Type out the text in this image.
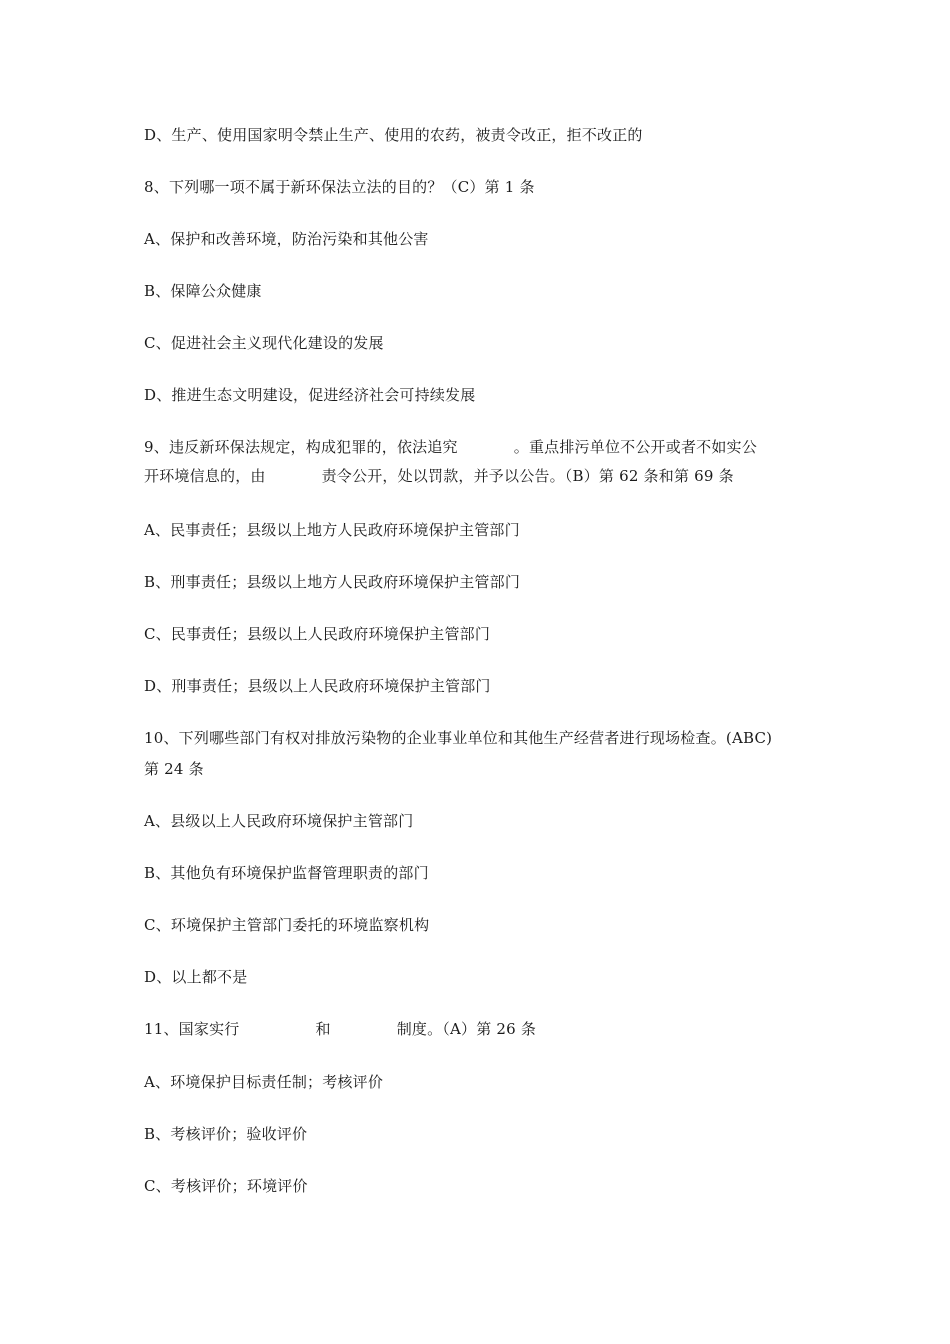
D、生产、使用国家明令禁止生产、使用的农药，被责令改正，拒不改正的
8、下列哪一项不属于新环保法立法的目的？（C）第 1 条
A、保护和改善环境，防治污染和其他公害
B、保障公众健康
C、促进社会主义现代化建设的发展
D、推进生态文明建设，促进经济社会可持续发展
9、违反新环保法规定，构成犯罪的，依法追究	。重点排污单位不公开或者不如实公
开环境信息的，由	责令公开，处以罚款，并予以公告。（B）第 62 条和第 69 条
A、民事责任；县级以上地方人民政府环境保护主管部门
B、刑事责任；县级以上地方人民政府环境保护主管部门
C、民事责任；县级以上人民政府环境保护主管部门
D、刑事责任；县级以上人民政府环境保护主管部门
10、下列哪些部门有权对排放污染物的企业事业单位和其他生产经营者进行现场检查。(ABC)
第 24 条
A、县级以上人民政府环境保护主管部门
B、其他负有环境保护监督管理职责的部门
C、环境保护主管部门委托的环境监察机构
D、以上都不是
11、国家实行	和	制度。（A）第 26 条
A、环境保护目标责任制；考核评价
B、考核评价；验收评价
C、考核评价；环境评价
